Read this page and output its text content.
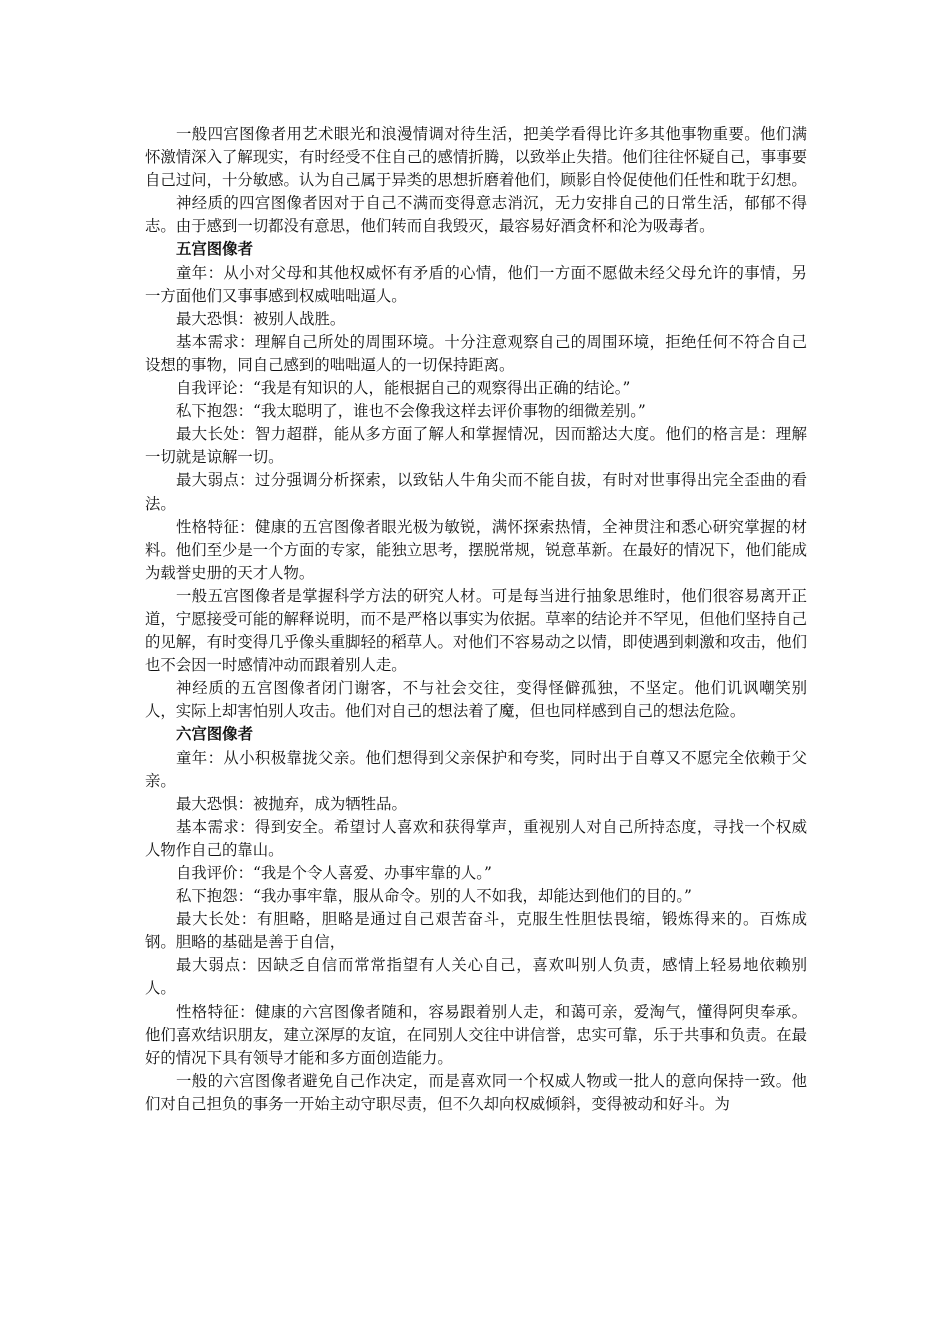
一般四宫图像者用艺术眼光和浪漫情调对待生活，把美学看得比许多其他事物重要。他们满怀激情深入了解现实，有时经受不住自己的感情折腾，以致举止失措。他们往往怀疑自己，事事要自己过问，十分敏感。认为自己属于异类的思想折磨着他们，顾影自怜促使他们任性和耽于幻想。

神经质的四宫图像者因对于自己不满而变得意志消沉，无力安排自己的日常生活，郁郁不得志。由于感到一切都没有意思，他们转而自我毁灭，最容易好酒贪杯和沦为吸毒者。

五宫图像者

童年：从小对父母和其他权威怀有矛盾的心情，他们一方面不愿做未经父母允许的事情，另一方面他们又事事感到权威咄咄逼人。

最大恐惧：被别人战胜。

基本需求：理解自己所处的周围环境。十分注意观察自己的周围环境，拒绝任何不符合自己设想的事物，同自己感到的咄咄逼人的一切保持距离。

自我评论：“我是有知识的人，能根据自己的观察得出正确的结论。”

私下抱怨：“我太聪明了，谁也不会像我这样去评价事物的细微差别。”

最大长处：智力超群，能从多方面了解人和掌握情况，因而豁达大度。他们的格言是：理解一切就是谅解一切。

最大弱点：过分强调分析探索，以致钻人牛角尖而不能自拔，有时对世事得出完全歪曲的看法。

性格特征：健康的五宫图像者眼光极为敏锐，满怀探索热情，全神贯注和悉心研究掌握的材料。他们至少是一个方面的专家，能独立思考，摆脱常规，锐意革新。在最好的情况下，他们能成为载誉史册的天才人物。

一般五宫图像者是掌握科学方法的研究人材。可是每当进行抽象思维时，他们很容易离开正道，宁愿接受可能的解释说明，而不是严格以事实为依据。草率的结论并不罕见，但他们坚持自己的见解，有时变得几乎像头重脚轻的稻草人。对他们不容易动之以情，即使遇到刺激和攻击，他们也不会因一时感情冲动而跟着别人走。

神经质的五宫图像者闭门谢客，不与社会交往，变得怪僻孤独，不坚定。他们讥讽嘲笑别人，实际上却害怕别人攻击。他们对自己的想法着了魔，但也同样感到自己的想法危险。

六宫图像者

童年：从小积极靠拢父亲。他们想得到父亲保护和夸奖，同时出于自尊又不愿完全依赖于父亲。

最大恐惧：被抛弃，成为牺牲品。

基本需求：得到安全。希望讨人喜欢和获得掌声，重视别人对自己所持态度，寻找一个权威人物作自己的靠山。

自我评价：“我是个令人喜爱、办事牢靠的人。”

私下抱怨：“我办事牢靠，服从命令。别的人不如我，却能达到他们的目的。”

最大长处：有胆略，胆略是通过自己艰苦奋斗，克服生性胆怯畏缩，锻炼得来的。百炼成钢。胆略的基础是善于自信，

最大弱点：因缺乏自信而常常指望有人关心自己，喜欢叫别人负责，感情上轻易地依赖别人。

性格特征：健康的六宫图像者随和，容易跟着别人走，和蔼可亲，爱淘气，懂得阿臾奉承。他们喜欢结识朋友，建立深厚的友谊，在同别人交往中讲信誉，忠实可靠，乐于共事和负责。在最好的情况下具有领导才能和多方面创造能力。

一般的六宫图像者避免自己作决定，而是喜欢同一个权威人物或一批人的意向保持一致。他们对自己担负的事务一开始主动守职尽责，但不久却向权威倾斜，变得被动和好斗。为
